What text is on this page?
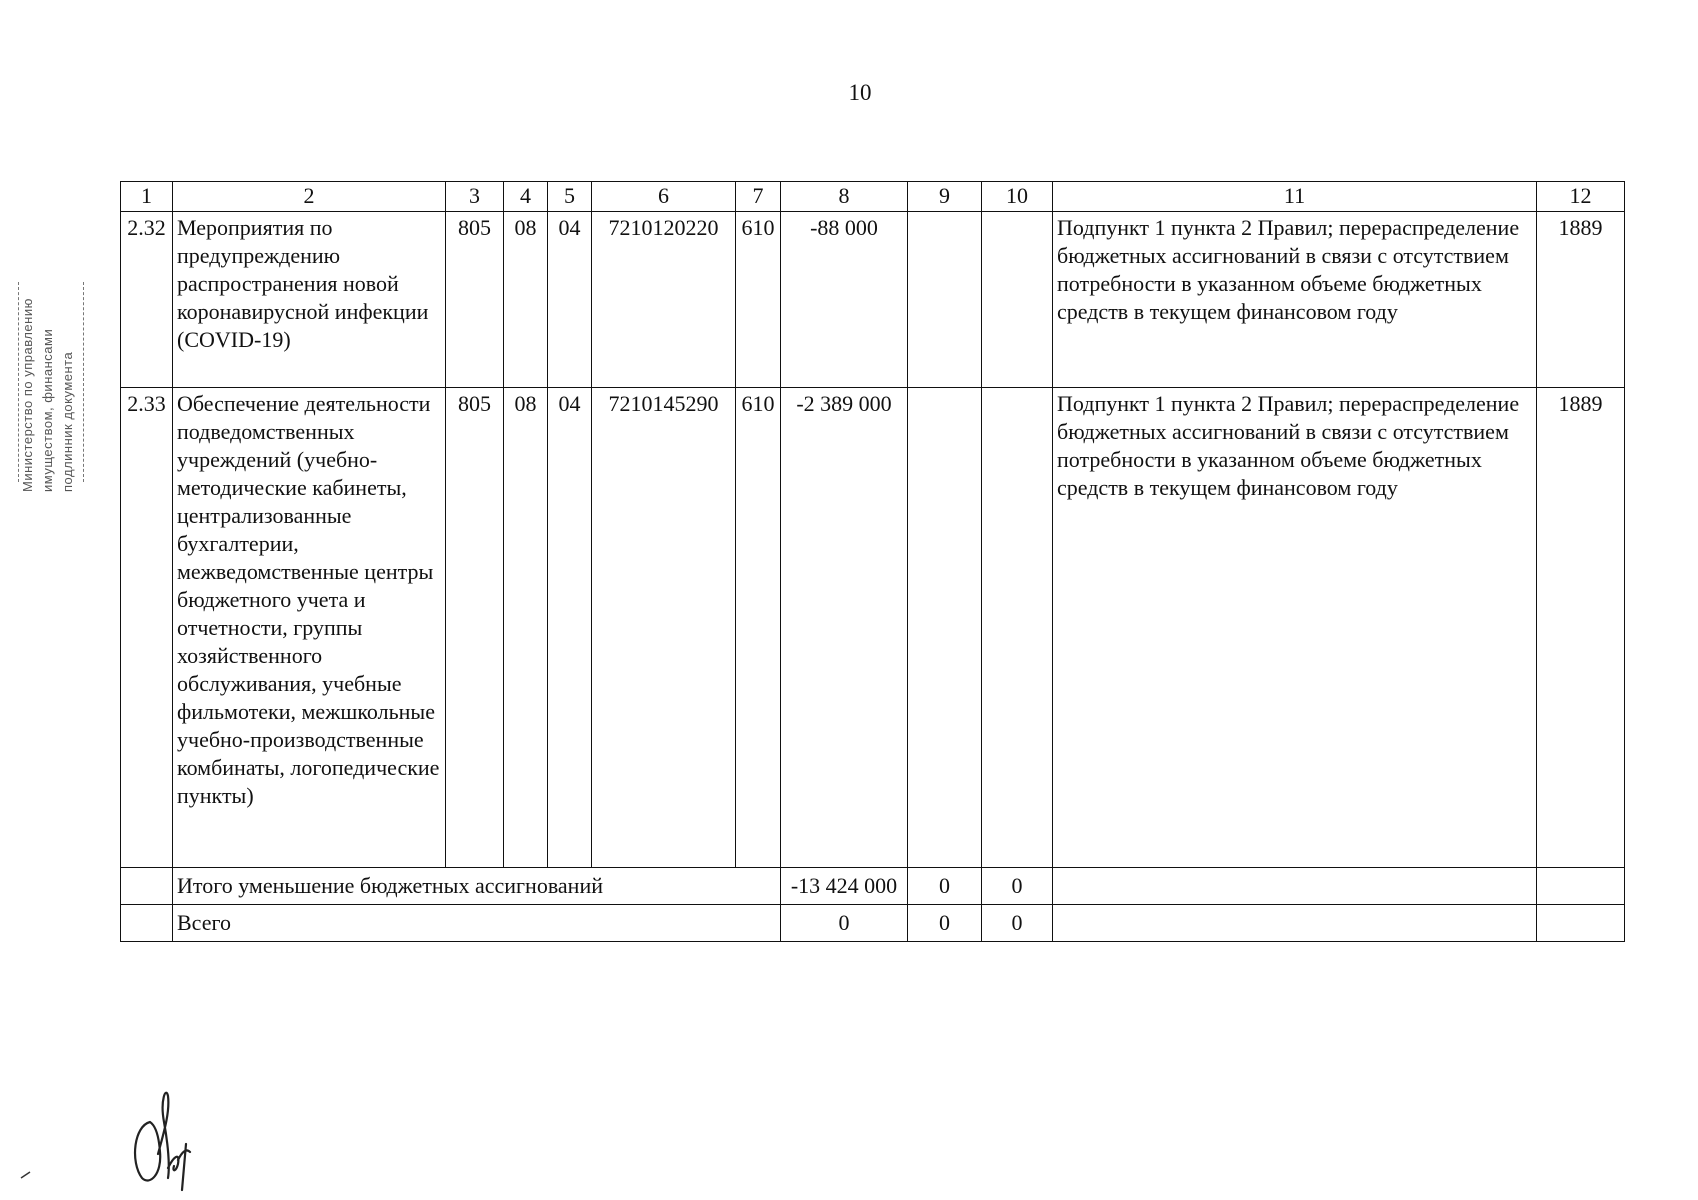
10
Министерство по управлению имуществом, финансами подлинник документа
1	2	3	4	5	6	7	8	9	10	11	12
2.32	Мероприятия по предупреждению распространения новой коронавирусной инфекции (COVID-19)	805	08	04	7210120220	610	-88 000			Подпункт 1 пункта 2 Правил; перераспределение бюджетных ассигнований в связи с отсутствием потребности в указанном объеме бюджетных средств в текущем финансовом году	1889
2.33	Обеспечение деятельности подведомственных учреждений (учебно-методические кабинеты, централизованные бухгалтерии, межведомственные центры бюджетного учета и отчетности, группы хозяйственного обслуживания, учебные фильмотеки, межшкольные учебно-производственные комбинаты, логопедические пункты)	805	08	04	7210145290	610	-2 389 000			Подпункт 1 пункта 2 Правил; перераспределение бюджетных ассигнований в связи с отсутствием потребности в указанном объеме бюджетных средств в текущем финансовом году	1889
	Итого уменьшение бюджетных ассигнований						-13 424 000	0	0		
	Всего						0	0	0		
